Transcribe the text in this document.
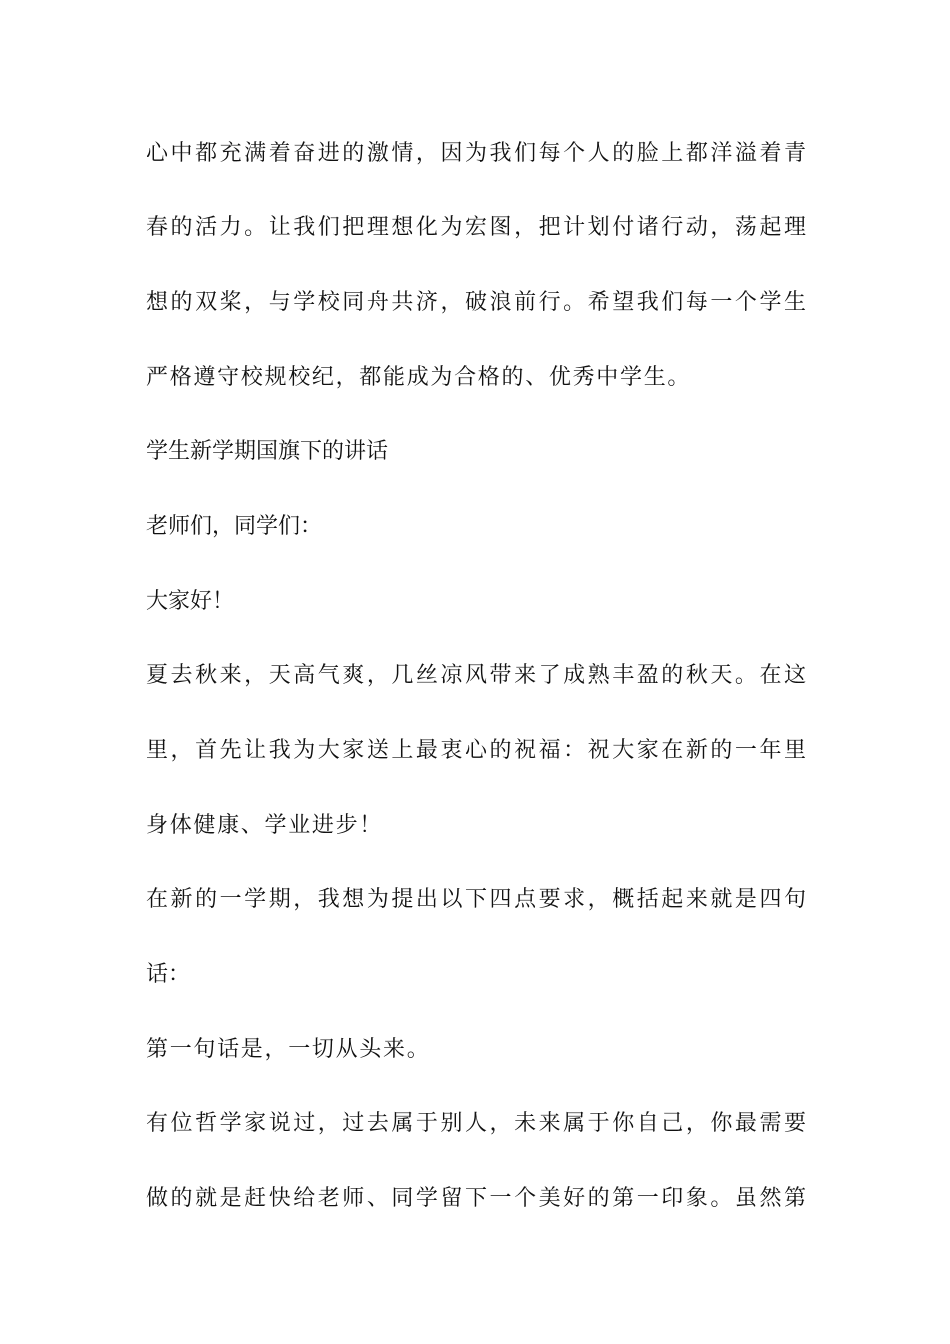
心中都充满着奋进的激情，因为我们每个人的脸上都洋溢着青
春的活力。让我们把理想化为宏图，把计划付诸行动，荡起理
想的双桨，与学校同舟共济，破浪前行。希望我们每一个学生
严格遵守校规校纪，都能成为合格的、优秀中学生。
学生新学期国旗下的讲话
老师们，同学们：
大家好！
夏去秋来，天高气爽，几丝凉风带来了成熟丰盈的秋天。在这
里，首先让我为大家送上最衷心的祝福：祝大家在新的一年里
身体健康、学业进步！
在新的一学期，我想为提出以下四点要求，概括起来就是四句
话：
第一句话是，一切从头来。
有位哲学家说过，过去属于别人，未来属于你自己，你最需要
做的就是赶快给老师、同学留下一个美好的第一印象。虽然第
